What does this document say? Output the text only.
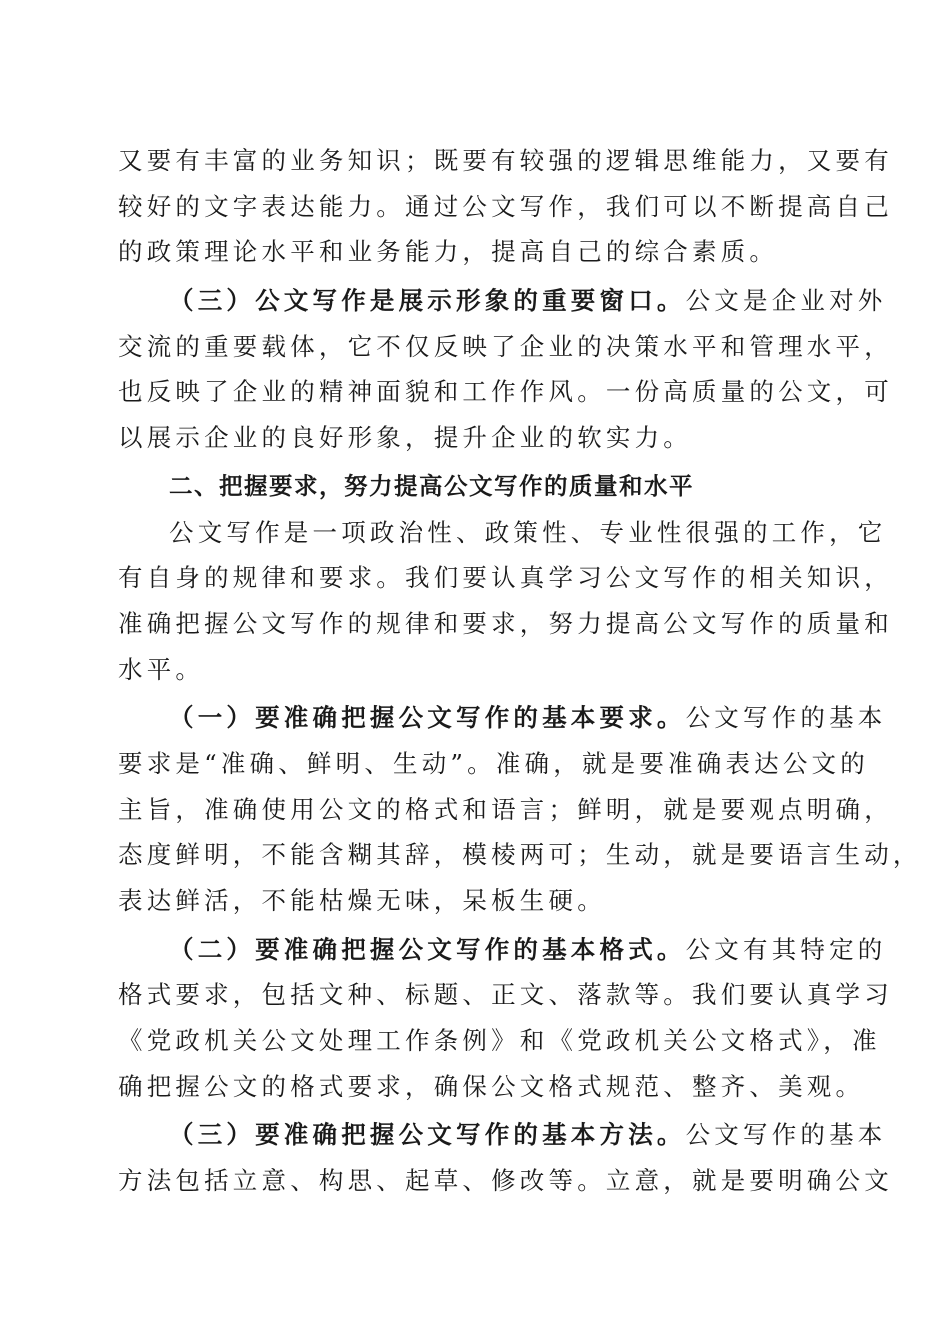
又要有丰富的业务知识；既要有较强的逻辑思维能力，又要有
较好的文字表达能力。通过公文写作，我们可以不断提高自己
的政策理论水平和业务能力，提高自己的综合素质。
（三）公文写作是展示形象的重要窗口。公文是企业对外
交流的重要载体，它不仅反映了企业的决策水平和管理水平，
也反映了企业的精神面貌和工作作风。一份高质量的公文，可
以展示企业的良好形象，提升企业的软实力。
二、把握要求，努力提高公文写作的质量和水平
公文写作是一项政治性、政策性、专业性很强的工作，它
有自身的规律和要求。我们要认真学习公文写作的相关知识，
准确把握公文写作的规律和要求，努力提高公文写作的质量和
水平。
（一）要准确把握公文写作的基本要求。公文写作的基本
要求是“准确、鲜明、生动”。准确，就是要准确表达公文的
主旨，准确使用公文的格式和语言；鲜明，就是要观点明确，
态度鲜明，不能含糊其辞，模棱两可；生动，就是要语言生动，
表达鲜活，不能枯燥无味，呆板生硬。
（二）要准确把握公文写作的基本格式。公文有其特定的
格式要求，包括文种、标题、正文、落款等。我们要认真学习
《党政机关公文处理工作条例》和《党政机关公文格式》，准
确把握公文的格式要求，确保公文格式规范、整齐、美观。
（三）要准确把握公文写作的基本方法。公文写作的基本
方法包括立意、构思、起草、修改等。立意，就是要明确公文
